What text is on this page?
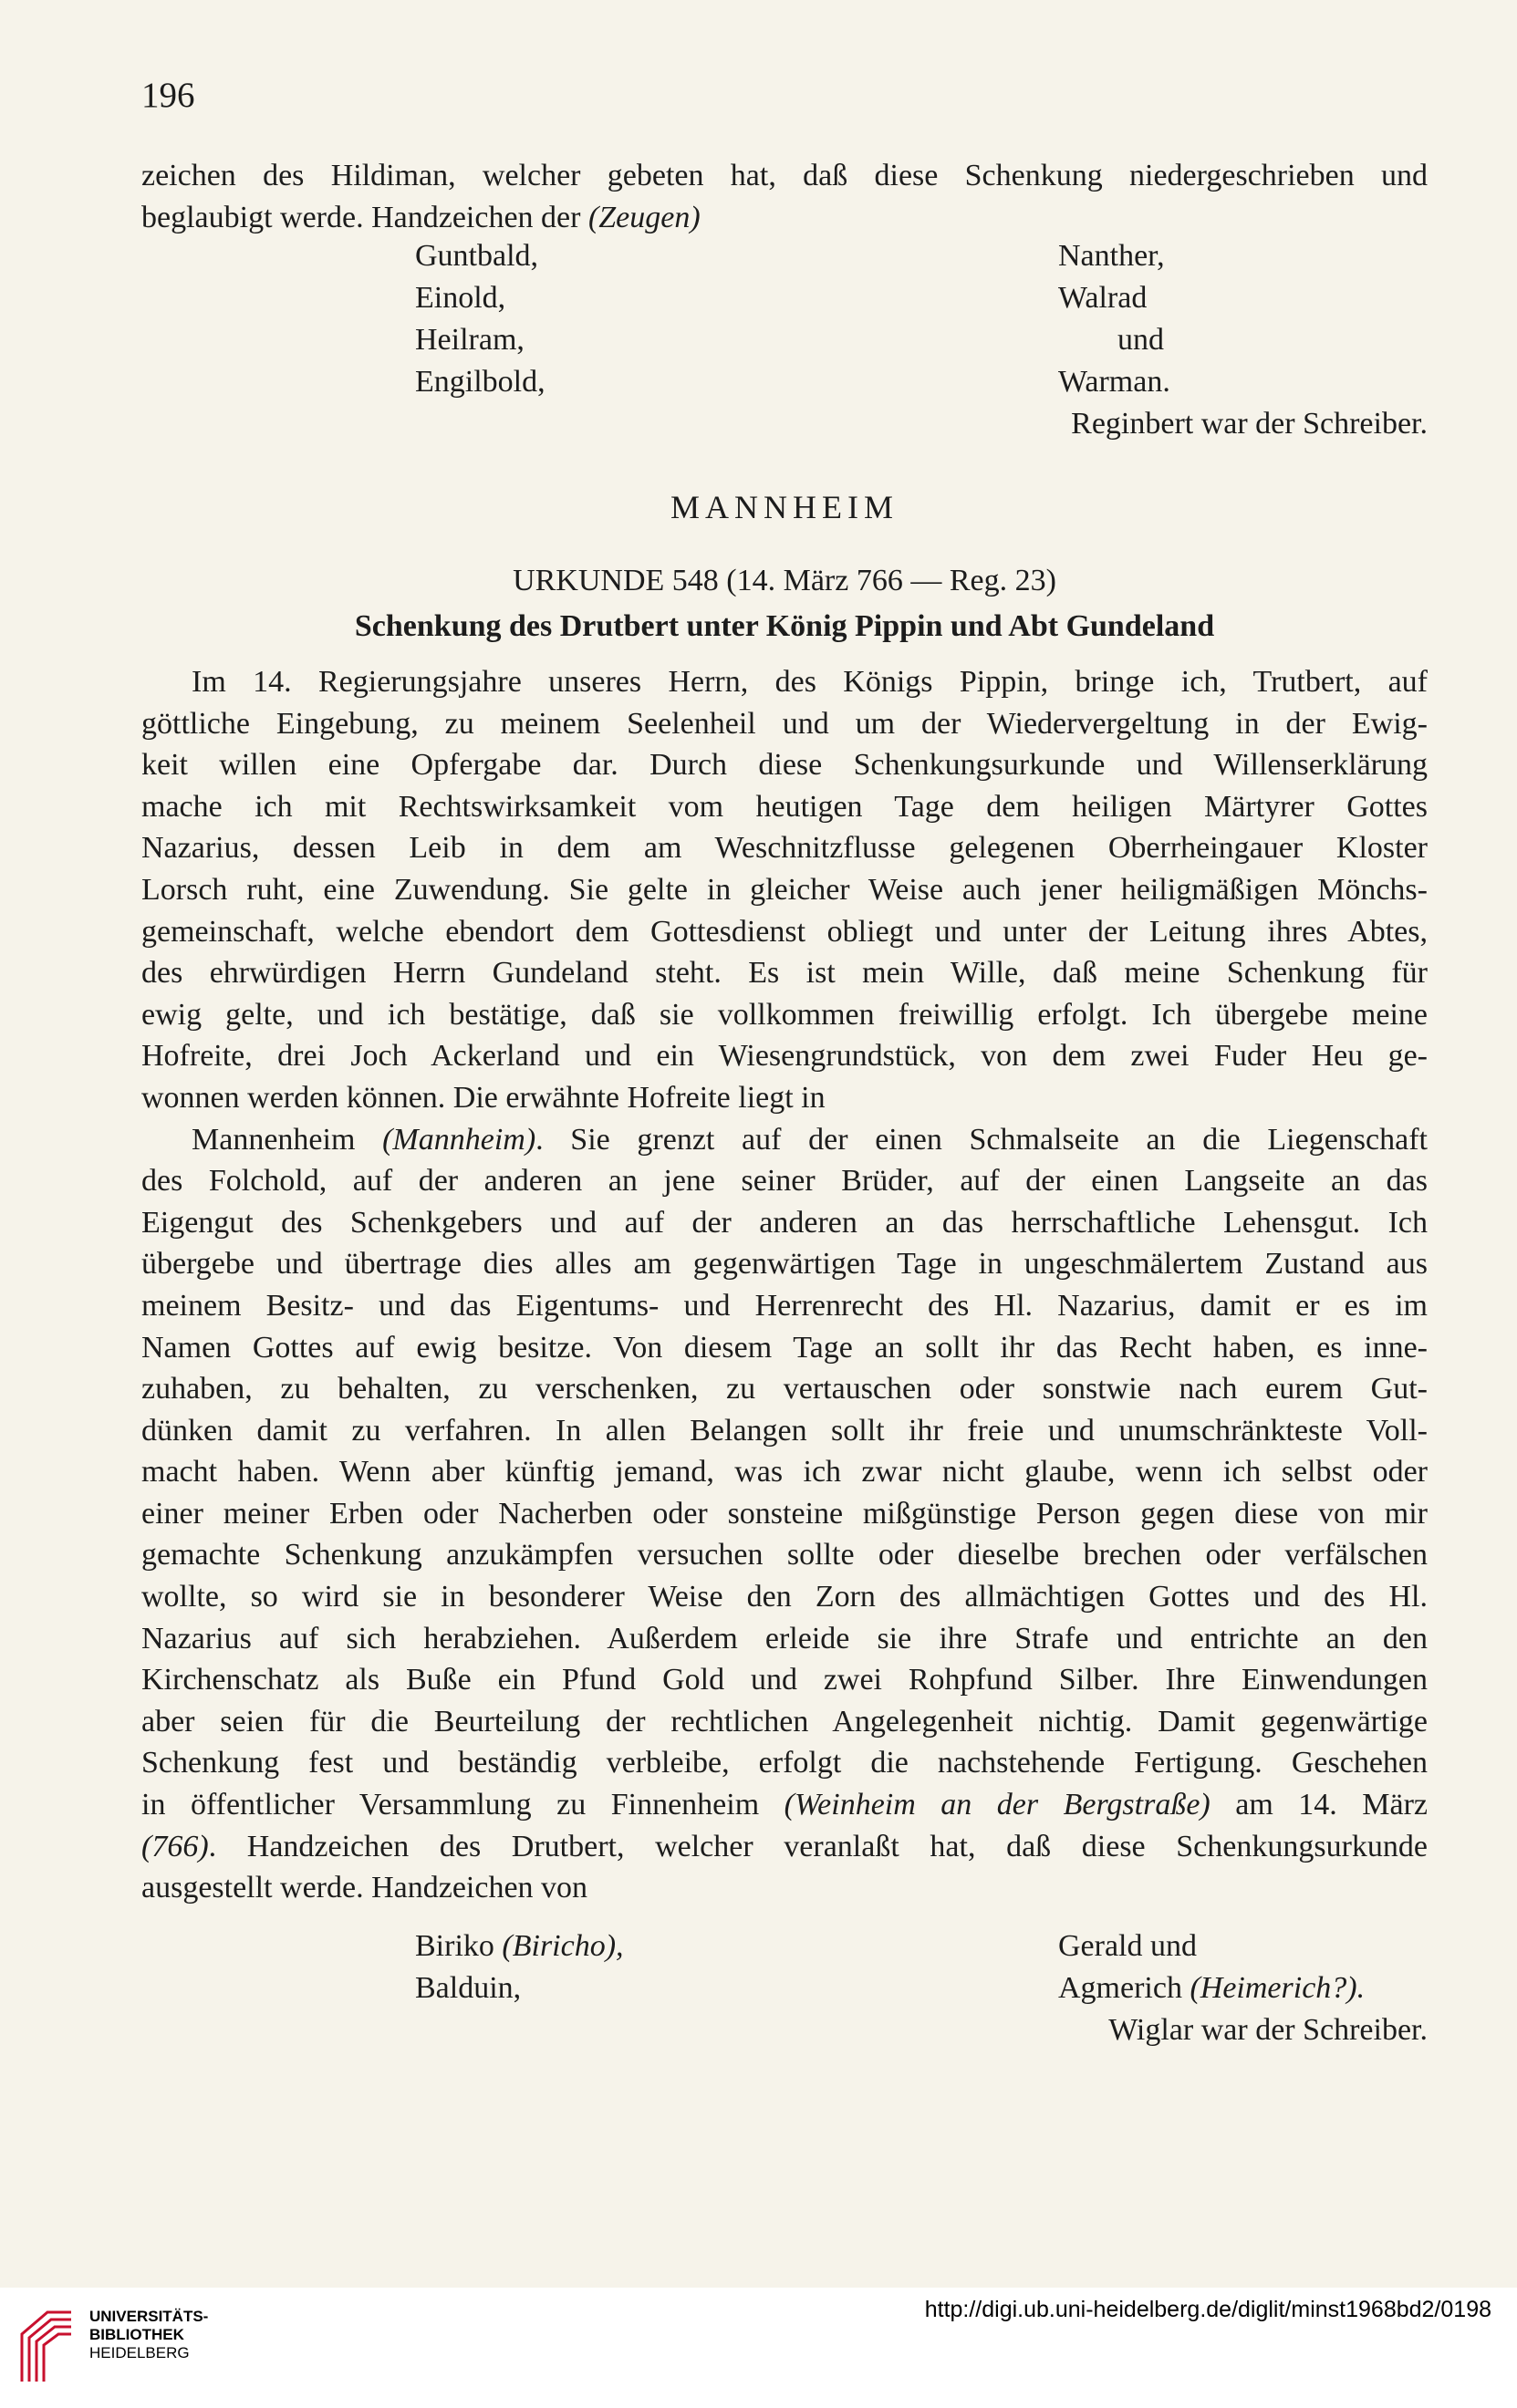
196
zeichen des Hildiman, welcher gebeten hat, daß diese Schenkung niedergeschrieben und
beglaubigt werde. Handzeichen der (Zeugen)
Guntbald,
Einold,
Heilram,
Engilbold,
Nanther,
Walrad
und
Warman.
Reginbert war der Schreiber.
MANNHEIM
URKUNDE 548 (14. März 766 — Reg. 23)
Schenkung des Drutbert unter König Pippin und Abt Gundeland
Im 14. Regierungsjahre unseres Herrn, des Königs Pippin, bringe ich, Trutbert, auf
göttliche Eingebung, zu meinem Seelenheil und um der Wiedervergeltung in der Ewig-
keit willen eine Opfergabe dar. Durch diese Schenkungsurkunde und Willenserklärung
mache ich mit Rechtswirksamkeit vom heutigen Tage dem heiligen Märtyrer Gottes
Nazarius, dessen Leib in dem am Weschnitzflusse gelegenen Oberrheingauer Kloster
Lorsch ruht, eine Zuwendung. Sie gelte in gleicher Weise auch jener heiligmäßigen Mönchs-
gemeinschaft, welche ebendort dem Gottesdienst obliegt und unter der Leitung ihres Abtes,
des ehrwürdigen Herrn Gundeland steht. Es ist mein Wille, daß meine Schenkung für
ewig gelte, und ich bestätige, daß sie vollkommen freiwillig erfolgt. Ich übergebe meine
Hofreite, drei Joch Ackerland und ein Wiesengrundstück, von dem zwei Fuder Heu ge-
wonnen werden können. Die erwähnte Hofreite liegt in
Mannenheim (Mannheim). Sie grenzt auf der einen Schmalseite an die Liegenschaft
des Folchold, auf der anderen an jene seiner Brüder, auf der einen Langseite an das
Eigengut des Schenkgebers und auf der anderen an das herrschaftliche Lehensgut. Ich
übergebe und übertrage dies alles am gegenwärtigen Tage in ungeschmälertem Zustand aus
meinem Besitz- und das Eigentums- und Herrenrecht des Hl. Nazarius, damit er es im
Namen Gottes auf ewig besitze. Von diesem Tage an sollt ihr das Recht haben, es inne-
zuhaben, zu behalten, zu verschenken, zu vertauschen oder sonstwie nach eurem Gut-
dünken damit zu verfahren. In allen Belangen sollt ihr freie und unumschränkteste Voll-
macht haben. Wenn aber künftig jemand, was ich zwar nicht glaube, wenn ich selbst oder
einer meiner Erben oder Nacherben oder sonsteine mißgünstige Person gegen diese von mir
gemachte Schenkung anzukämpfen versuchen sollte oder dieselbe brechen oder verfälschen
wollte, so wird sie in besonderer Weise den Zorn des allmächtigen Gottes und des Hl.
Nazarius auf sich herabziehen. Außerdem erleide sie ihre Strafe und entrichte an den
Kirchenschatz als Buße ein Pfund Gold und zwei Rohpfund Silber. Ihre Einwendungen
aber seien für die Beurteilung der rechtlichen Angelegenheit nichtig. Damit gegenwärtige
Schenkung fest und beständig verbleibe, erfolgt die nachstehende Fertigung. Geschehen
in öffentlicher Versammlung zu Finnenheim (Weinheim an der Bergstraße) am 14. März
(766). Handzeichen des Drutbert, welcher veranlaßt hat, daß diese Schenkungsurkunde
ausgestellt werde. Handzeichen von
Biriko (Biricho),
Balduin,
Gerald und
Agmerich (Heimerich?).
Wiglar war der Schreiber.
UNIVERSITÄTS-
BIBLIOTHEK
HEIDELBERG
http://digi.ub.uni-heidelberg.de/diglit/minst1968bd2/0198
